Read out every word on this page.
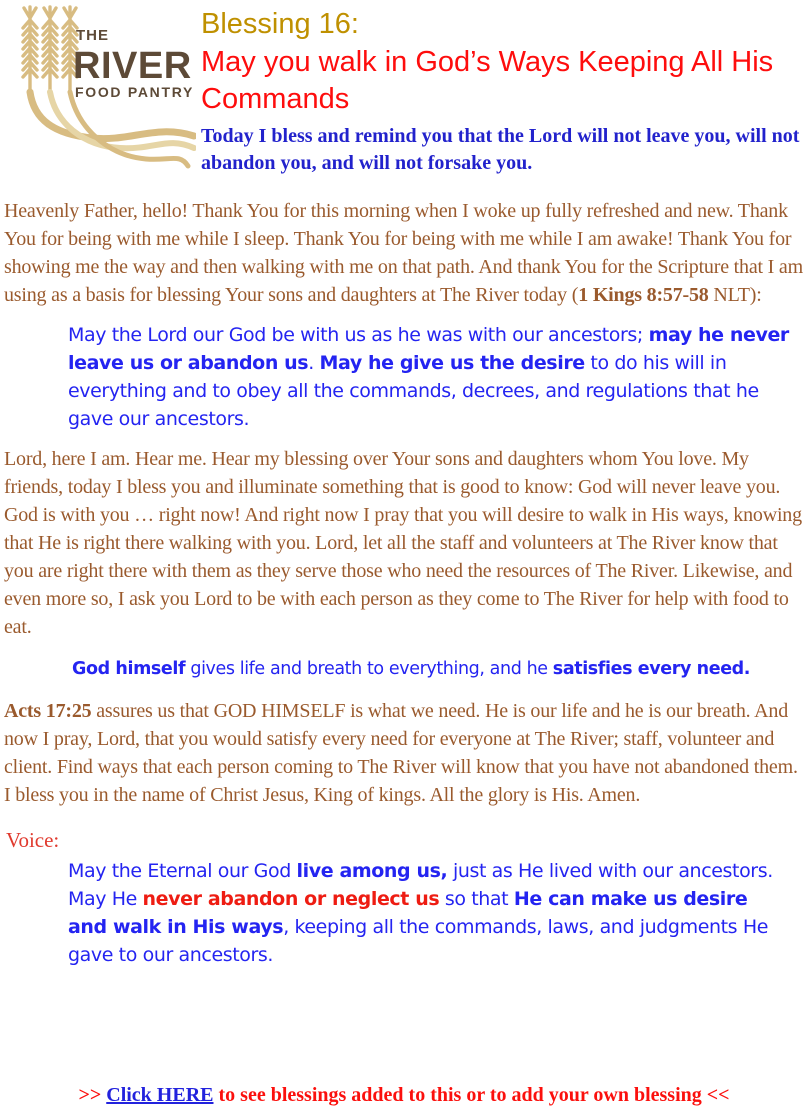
THE
RIVER
FOOD PANTRY
Blessing 16:
May you walk in God’s Ways Keeping All His Commands
Today I bless and remind you that the Lord will not leave you, will not abandon you, and will not forsake you.

Heavenly Father, hello! Thank You for this morning when I woke up fully refreshed and new. Thank You for being with me while I sleep. Thank You for being with me while I am awake! Thank You for showing me the way and then walking with me on that path. And thank You for the Scripture that I am using as a basis for blessing Your sons and daughters at The River today (1 Kings 8:57-58 NLT):

May the Lord our God be with us as he was with our ancestors; may he never leave us or abandon us. May he give us the desire to do his will in everything and to obey all the commands, decrees, and regulations that he gave our ancestors.

Lord, here I am. Hear me. Hear my blessing over Your sons and daughters whom You love. My friends, today I bless you and illuminate something that is good to know: God will never leave you. God is with you … right now! And right now I pray that you will desire to walk in His ways, knowing that He is right there walking with you. Lord, let all the staff and volunteers at The River know that you are right there with them as they serve those who need the resources of The River. Likewise, and even more so, I ask you Lord to be with each person as they come to The River for help with food to eat.

God himself gives life and breath to everything, and he satisfies every need.

Acts 17:25 assures us that GOD HIMSELF is what we need. He is our life and he is our breath. And now I pray, Lord, that you would satisfy every need for everyone at The River; staff, volunteer and client. Find ways that each person coming to The River will know that you have not abandoned them. I bless you in the name of Christ Jesus, King of kings. All the glory is His. Amen.

Voice:
May the Eternal our God live among us, just as He lived with our ancestors. May He never abandon or neglect us so that He can make us desire and walk in His ways, keeping all the commands, laws, and judgments He gave to our ancestors.
>> Click HERE to see blessings added to this or to add your own blessing <<
